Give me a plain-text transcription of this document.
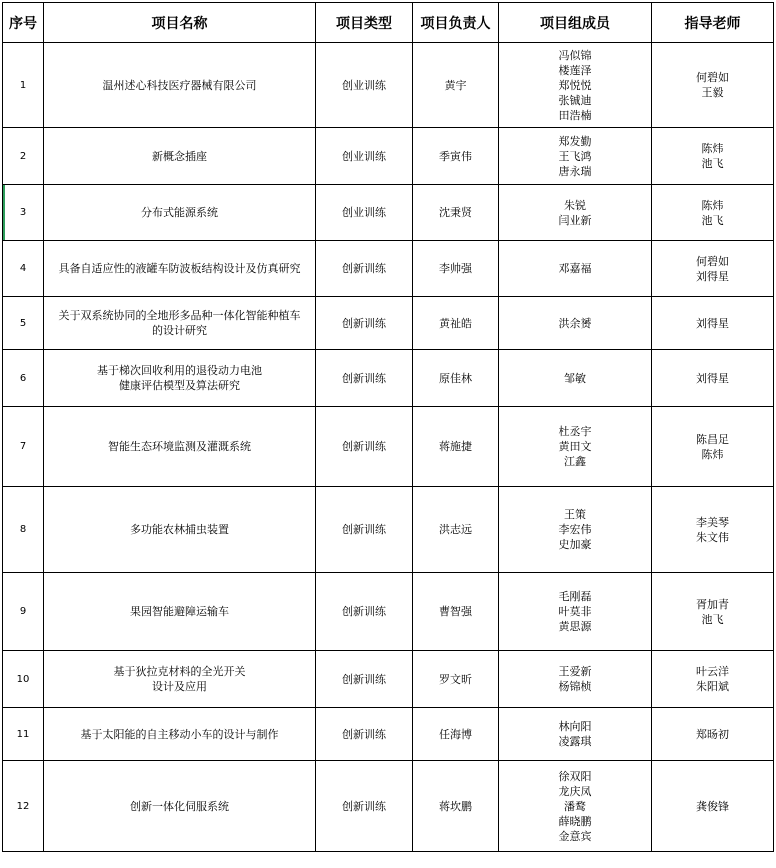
序号	项目名称	项目类型	项目负责人	项目组成员	指导老师
1	温州述心科技医疗器械有限公司	创业训练	黄宇	冯似锦
楼莲泽
郑悦悦
张铖迪
田浩楠	何碧如
王毅

2	新概念插座	创业训练	季寅伟	郑发勤
王飞鸿
唐永瑞	陈炜
池飞

3	分布式能源系统	创业训练	沈秉贤	朱锐
闫业新	陈炜
池飞

4	具备自适应性的液罐车防波板结构设计及仿真研究	创新训练	李帅强	邓嘉福	何碧如
刘得星

5	关于双系统协同的全地形多品种一体化智能种植车
的设计研究	创新训练	黄祉皓	洪余赟	刘得星

6	基于梯次回收利用的退役动力电池
健康评估模型及算法研究	创新训练	原佳林	邹敏	刘得星

7	智能生态环境监测及灌溉系统	创新训练	蒋施捷	杜丞宇
黄田文
江鑫	陈昌足
陈炜

8	多功能农林捕虫装置	创新训练	洪志远	王策
李宏伟
史加豪	李美琴
朱文伟

9	果园智能避障运输车	创新训练	曹智强	毛刚磊
叶莫非
黄思源	胥加青
池飞

10	基于狄拉克材料的全光开关
设计及应用	创新训练	罗文昕	王爱新
杨锦桢	叶云洋
朱阳斌

11	基于太阳能的自主移动小车的设计与制作	创新训练	任海博	林向阳
凌露琪	郑旸初

12	创新一体化伺服系统	创新训练	蒋坎鹏	徐双阳
龙庆凤
潘鹜
薛晓鹏
金意宾	龚俊锋
